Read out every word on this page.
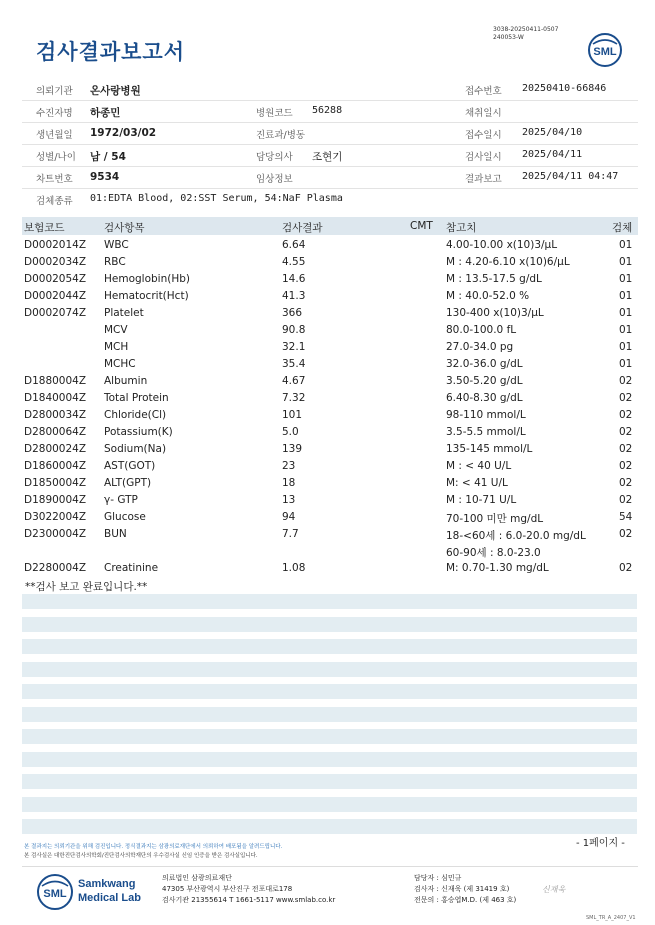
검사결과보고서
3038-20250411-0507
240053-W
SML
의뢰기관 온사랑병원	접수번호 20250410-66846
수진자명 하종민	병원코드 56288	채취일시
생년월일 1972/03/02	진료과/병동	접수일시 2025/04/10
성별/나이 남 / 54	담당의사 조현기	검사일시 2025/04/11
차트번호 9534	임상정보	결과보고 2025/04/11 04:47
검체종류 01:EDTA Blood, 02:SST Serum, 54:NaF Plasma
보험코드	검사항목	검사결과	CMT 참고치	검체
D0002014Z WBC	6.64	4.00-10.00 x(10)3/μL	01
D0002034Z RBC	4.55	M : 4.20-6.10 x(10)6/μL	01
D0002054Z Hemoglobin(Hb)	14.6	M : 13.5-17.5 g/dL	01
D0002044Z Hematocrit(Hct)	41.3	M : 40.0-52.0 %	01
D0002074Z Platelet	366	130-400 x(10)3/μL	01
MCV	90.8	80.0-100.0 fL	01
MCH	32.1	27.0-34.0 pg	01
MCHC	35.4	32.0-36.0 g/dL	01
D1880004Z Albumin	4.67	3.50-5.20 g/dL	02
D1840004Z Total Protein	7.32	6.40-8.30 g/dL	02
D2800034Z Chloride(Cl)	101	98-110 mmol/L	02
D2800064Z Potassium(K)	5.0	3.5-5.5 mmol/L	02
D2800024Z Sodium(Na)	139	135-145 mmol/L	02
D1860004Z AST(GOT)	23	M : < 40 U/L	02
D1850004Z ALT(GPT)	18	M: < 41 U/L	02
D1890004Z γ- GTP	13	M : 10-71 U/L	02
D3022004Z Glucose	94	70-100 미만 mg/dL	54
D2300004Z BUN	7.7	18-<60세 : 6.0-20.0 mg/dL	02
60-90세 : 8.0-23.0
D2280004Z Creatinine	1.08	M: 0.70-1.30 mg/dL	02
**검사 보고 완료입니다.**
- 1페이지 -
본 결과지는 의뢰기관을 위해 검진입니다. 정식결과지는 삼광의료재단에서 의뢰하여 배포됨을 알려드립니다.
본 검사실은 대한진단검사의학회/진단검사의학재단의 우수검사실 신임 인증을 받은 검사실입니다.
SML
Samkwang
Medical Lab
의료법인 삼광의료재단
47305 부산광역시 부산진구 전포대로178
검사기관 21355614 T 1661-5117 www.smlab.co.kr
담당자 : 심민규
검사자 : 신재욱 (제 31419 호)
전문의 : 홍승엽M.D. (제 463 호)
신재욱
SML_TR_A_2407_V1
